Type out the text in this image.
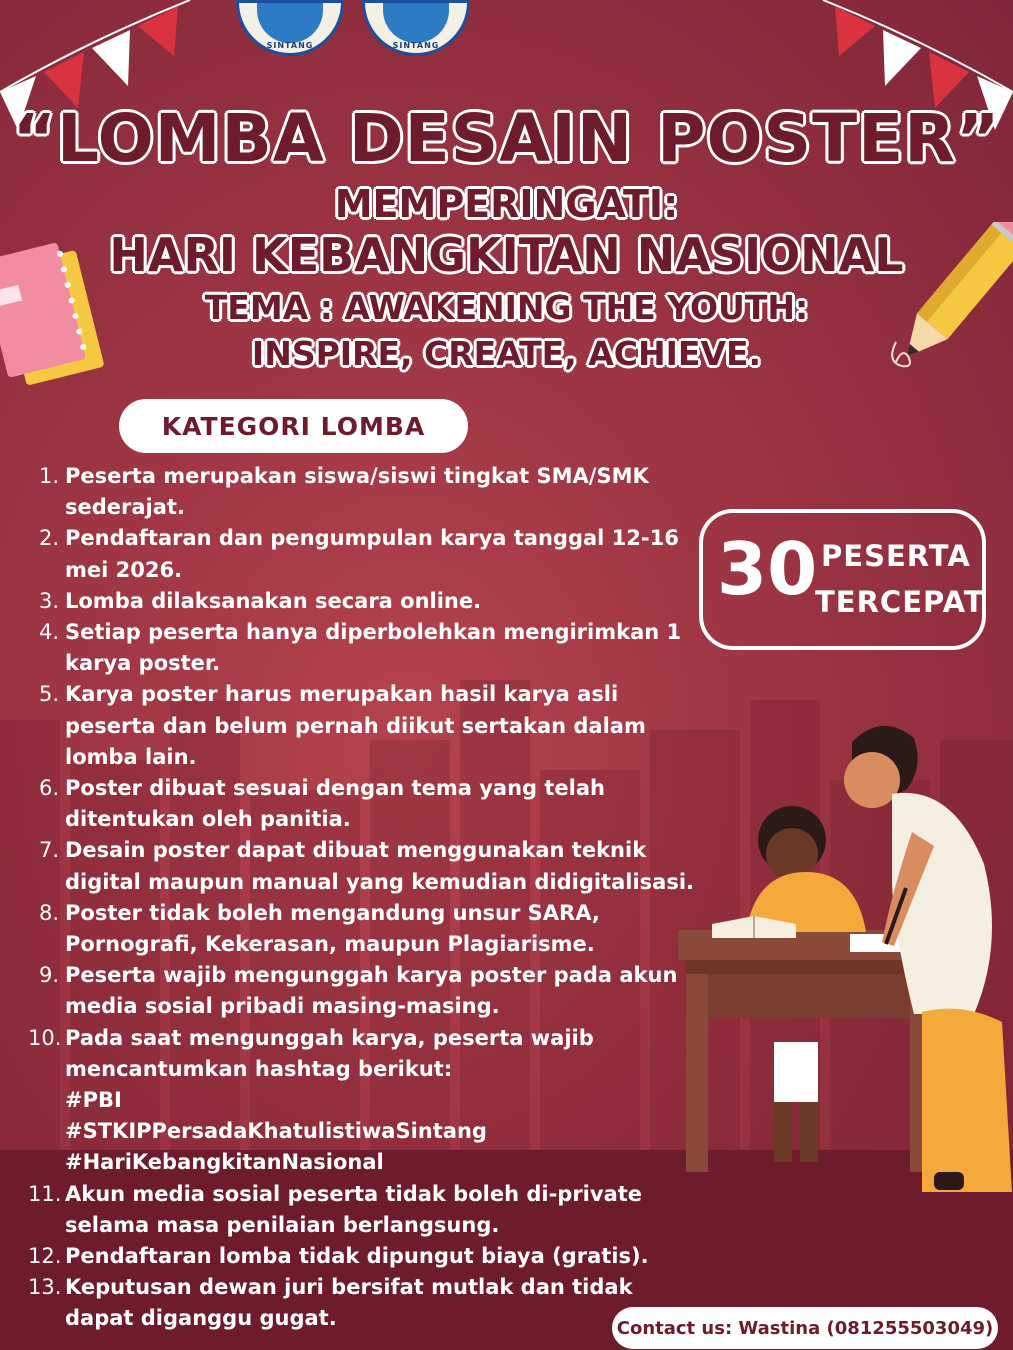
SINTANG	SINTANG
“LOMBA DESAIN POSTER”
MEMPERINGATI:
HARI KEBANGKITAN NASIONAL
TEMA : AWAKENING THE YOUTH:
INSPIRE, CREATE, ACHIEVE.
KATEGORI LOMBA
1. Peserta merupakan siswa/siswi tingkat SMA/SMK sederajat.
2. Pendaftaran dan pengumpulan karya tanggal 12-16 mei 2026.
3. Lomba dilaksanakan secara online.
4. Setiap peserta hanya diperbolehkan mengirimkan 1 karya poster.
5. Karya poster harus merupakan hasil karya asli peserta dan belum pernah diikut sertakan dalam lomba lain.
6. Poster dibuat sesuai dengan tema yang telah ditentukan oleh panitia.
7. Desain poster dapat dibuat menggunakan teknik digital maupun manual yang kemudian didigitalisasi.
8. Poster tidak boleh mengandung unsur SARA, Pornografi, Kekerasan, maupun Plagiarisme.
9. Peserta wajib mengunggah karya poster pada akun media sosial pribadi masing-masing.
10. Pada saat mengunggah karya, peserta wajib mencantumkan hashtag berikut:
#PBI
#STKIPPersadaKhatulistiwaSintang
#HariKebangkitanNasional
11. Akun media sosial peserta tidak boleh di-private selama masa penilaian berlangsung.
12. Pendaftaran lomba tidak dipungut biaya (gratis).
13. Keputusan dewan juri bersifat mutlak dan tidak dapat diganggu gugat.
30 PESERTA
TERCEPAT
Contact us: Wastina (081255503049)
